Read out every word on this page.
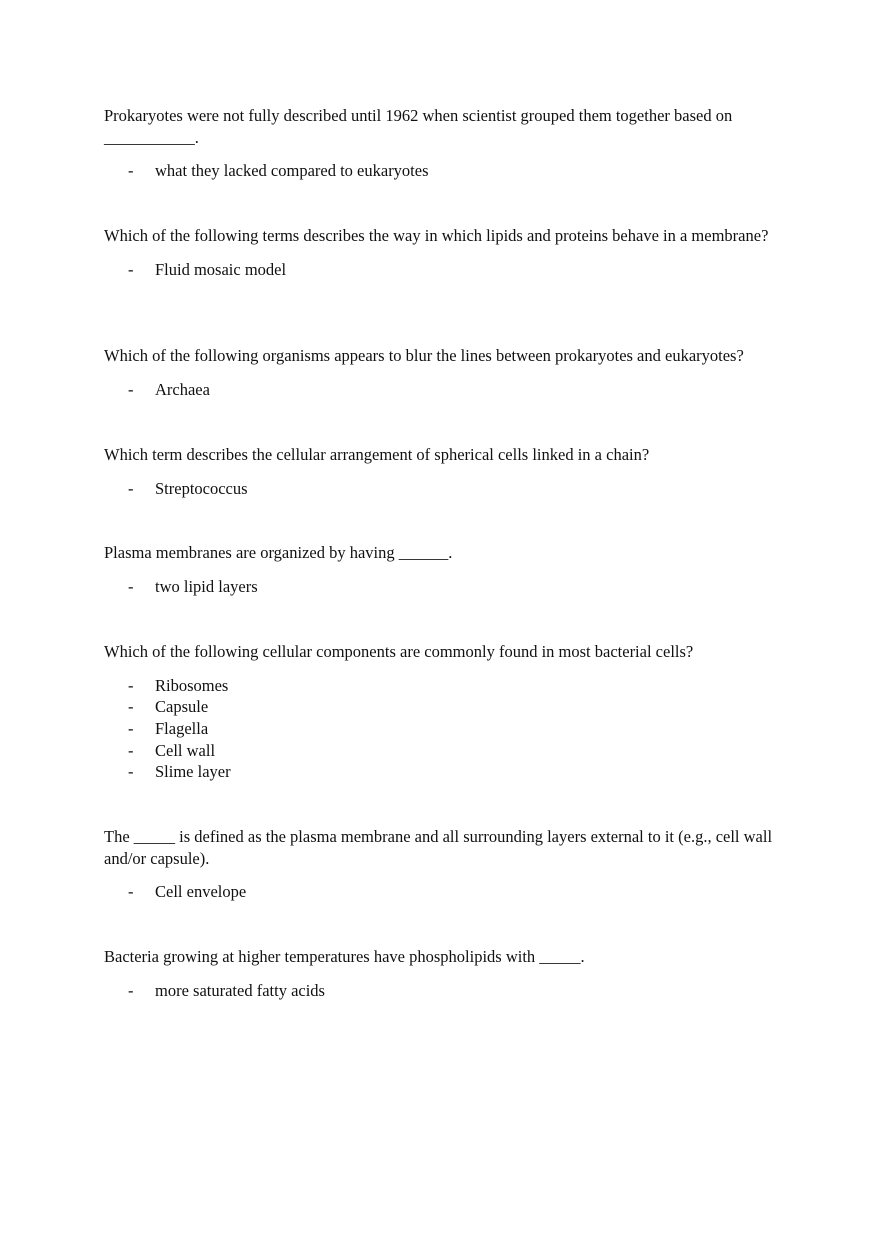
Prokaryotes were not fully described until 1962 when scientist grouped them together based on ___________.

- what they lacked compared to eukaryotes

Which of the following terms describes the way in which lipids and proteins behave in a membrane?

- Fluid mosaic model

Which of the following organisms appears to blur the lines between prokaryotes and eukaryotes?

- Archaea

Which term describes the cellular arrangement of spherical cells linked in a chain?

- Streptococcus

Plasma membranes are organized by having ______.

- two lipid layers

Which of the following cellular components are commonly found in most bacterial cells?

- Ribosomes
- Capsule
- Flagella
- Cell wall
- Slime layer

The _____ is defined as the plasma membrane and all surrounding layers external to it (e.g., cell wall and/or capsule).

- Cell envelope

Bacteria growing at higher temperatures have phospholipids with _____.

- more saturated fatty acids
